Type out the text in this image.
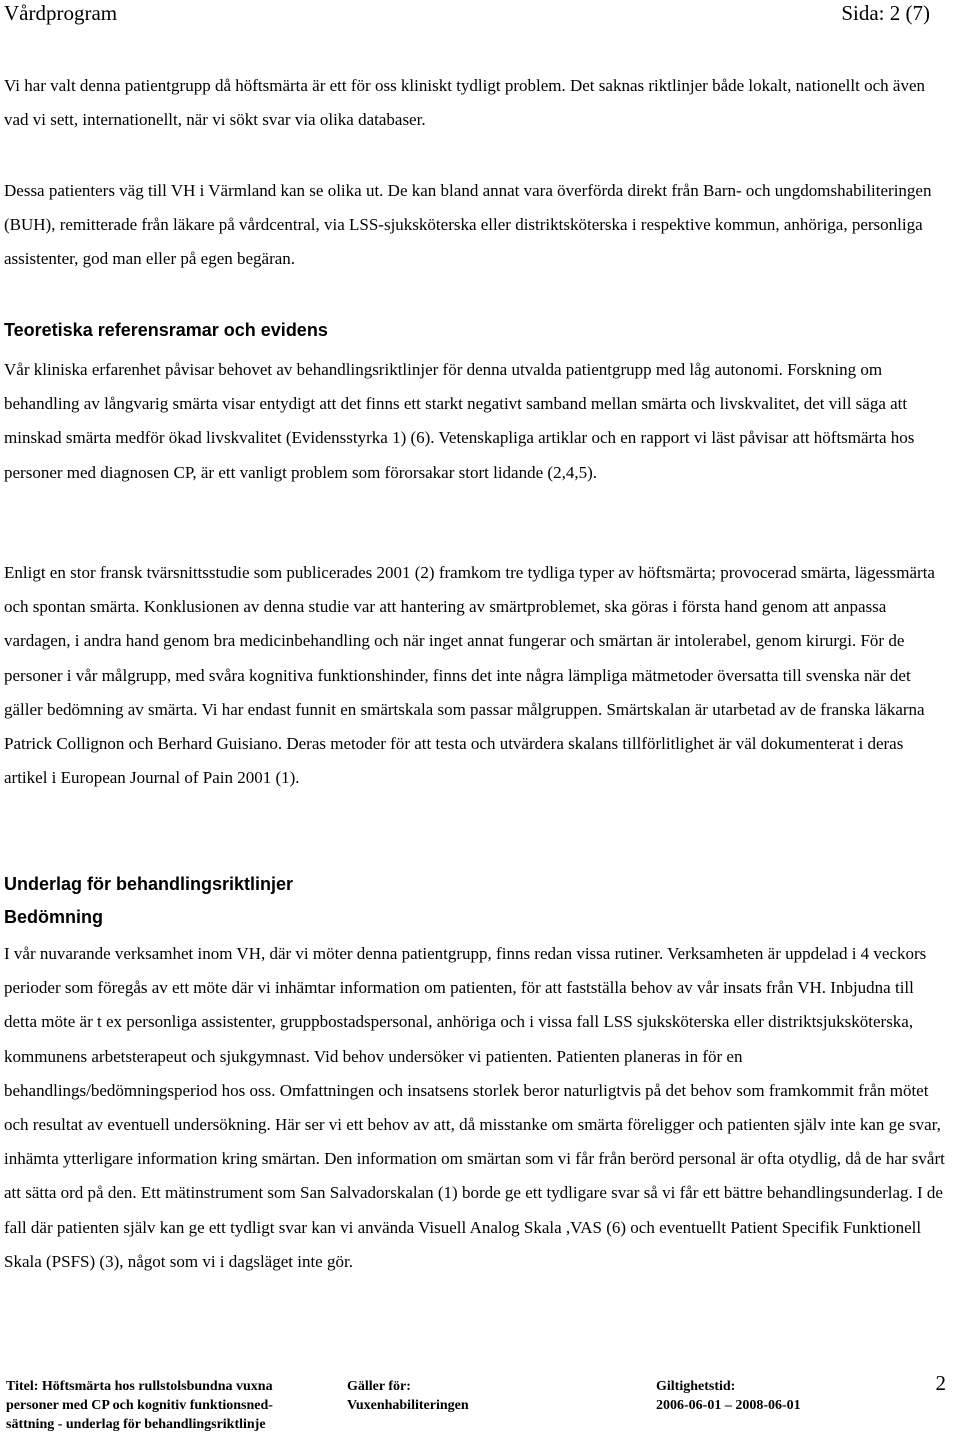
Vårdprogram	Sida: 2 (7)

Vi har valt denna patientgrupp då höftsmärta är ett för oss kliniskt tydligt problem. Det saknas riktlinjer både lokalt, nationellt och även vad vi sett, internationellt, när vi sökt svar via olika databaser.

Dessa patienters väg till VH i Värmland kan se olika ut. De kan bland annat vara överförda direkt från Barn- och ungdomshabiliteringen (BUH), remitterade från läkare på vårdcentral, via LSS-sjuksköterska eller distriktsköterska i respektive kommun, anhöriga, personliga assistenter, god man eller på egen begäran.

Teoretiska referensramar och evidens

Vår kliniska erfarenhet påvisar behovet av behandlingsriktlinjer för denna utvalda patientgrupp med låg autonomi. Forskning om behandling av långvarig smärta visar entydigt att det finns ett starkt negativt samband mellan smärta och livskvalitet, det vill säga att minskad smärta medför ökad livskvalitet (Evidensstyrka 1) (6). Vetenskapliga artiklar och en rapport vi läst påvisar att höftsmärta hos personer med diagnosen CP, är ett vanligt problem som förorsakar stort lidande (2,4,5).

Enligt en stor fransk tvärsnittsstudie som publicerades 2001 (2) framkom tre tydliga typer av höftsmärta; provocerad smärta, lägessmärta och spontan smärta. Konklusionen av denna studie var att hantering av smärtproblemet, ska göras i första hand genom att anpassa vardagen, i andra hand genom bra medicinbehandling och när inget annat fungerar och smärtan är intolerabel, genom kirurgi. För de personer i vår målgrupp, med svåra kognitiva funktionshinder, finns det inte några lämpliga mätmetoder översatta till svenska när det gäller bedömning av smärta. Vi har endast funnit en smärtskala som passar målgruppen. Smärtskalan är utarbetad av de franska läkarna Patrick Collignon och Berhard Guisiano. Deras metoder för att testa och utvärdera skalans tillförlitlighet är väl dokumenterat i deras artikel i European Journal of Pain 2001 (1).

Underlag för behandlingsriktlinjer
Bedömning

I vår nuvarande verksamhet inom VH, där vi möter denna patientgrupp, finns redan vissa rutiner. Verksamheten är uppdelad i 4 veckors perioder som föregås av ett möte där vi inhämtar information om patienten, för att fastställa behov av vår insats från VH. Inbjudna till detta möte är t ex personliga assistenter, gruppbostadspersonal, anhöriga och i vissa fall LSS sjuksköterska eller distriktsjuksköterska, kommunens arbetsterapeut och sjukgymnast. Vid behov undersöker vi patienten. Patienten planeras in för en behandlings/bedömningsperiod hos oss. Omfattningen och insatsens storlek beror naturligtvis på det behov som framkommit från mötet och resultat av eventuell undersökning. Här ser vi ett behov av att, då misstanke om smärta föreligger och patienten själv inte kan ge svar, inhämta ytterligare information kring smärtan. Den information om smärtan som vi får från berörd personal är ofta otydlig, då de har svårt att sätta ord på den. Ett mätinstrument som San Salvadorskalan (1) borde ge ett tydligare svar så vi får ett bättre behandlingsunderlag. I de fall där patienten själv kan ge ett tydligt svar kan vi använda Visuell Analog Skala ,VAS (6) och eventuellt Patient Specifik Funktionell Skala (PSFS) (3), något som vi i dagsläget inte gör.

Titel: Höftsmärta hos rullstolsbundna vuxna
personer med CP och kognitiv funktionsned-
sättning - underlag för behandlingsriktlinje
Gäller för:
Vuxenhabiliteringen
Giltighetstid:
2006-06-01 – 2008-06-01
2
